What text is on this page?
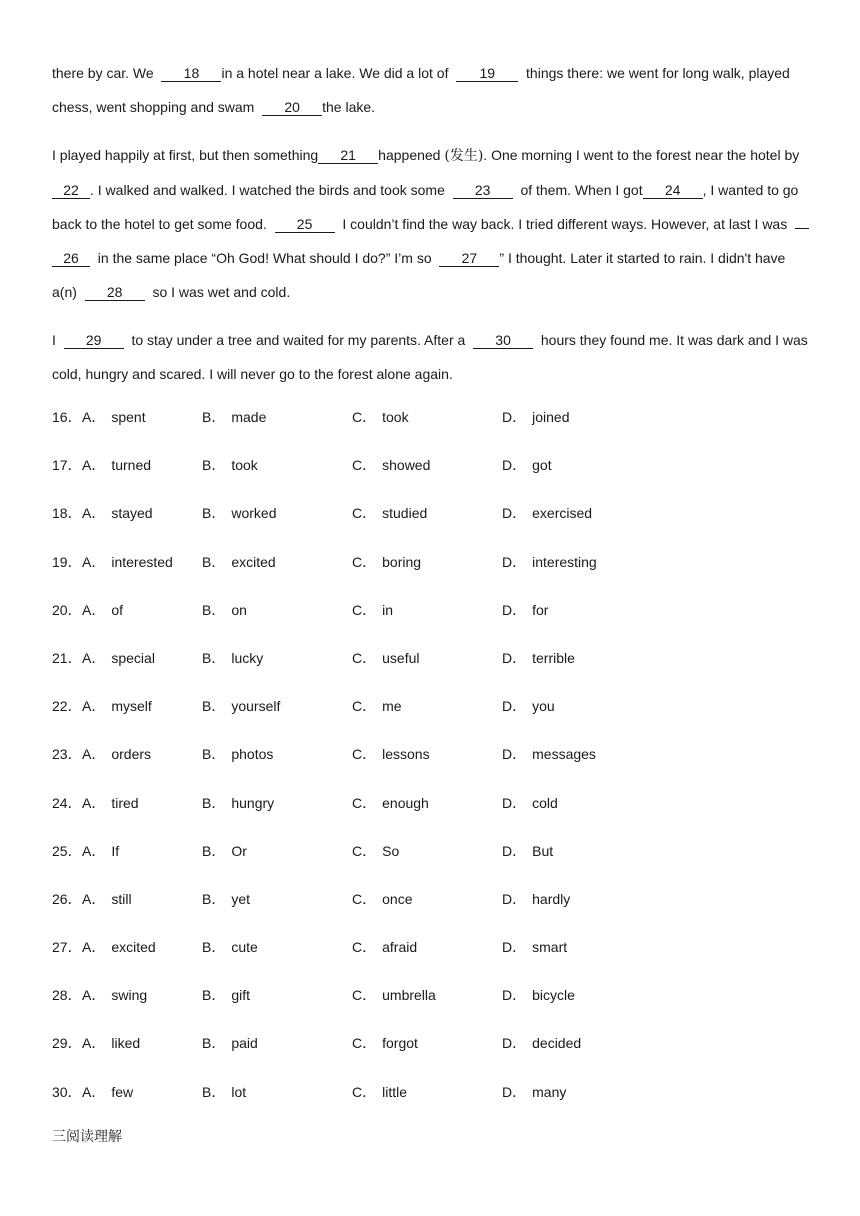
there by car. We 18 in a hotel near a lake. We did a lot of 19 things there: we went for long walk, played

chess, went shopping and swam 20 the lake.

I played happily at first, but then something 21 happened (发生). One morning I went to the forest near the hotel by

22 . I walked and walked. I watched the birds and took some 23 of them. When I got 24 , I wanted to go

back to the hotel to get some food. 25 I couldn’t find the way back. I tried different ways. However, at last I was

26 in the same place “Oh God! What should I do?” I’m so 27 ” I thought. Later it started to rain. I didn't have

a(n) 28 so I was wet and cold.

I 29 to stay under a tree and waited for my parents. After a 30 hours they found me. It was dark and I was

cold, hungry and scared. I will never go to the forest alone again.

16． A． spent	B． made	C． took	D． joined
17． A． turned	B． took	C． showed	D． got
18． A． stayed	B． worked	C． studied	D． exercised
19． A． interested B． excited	C． boring	D． interesting
20． A． of	B． on	C． in	D． for
21． A． special	B． lucky	C． useful	D． terrible
22． A． myself	B． yourself	C． me	D． you
23． A． orders	B． photos	C． lessons	D． messages
24． A． tired	B． hungry	C． enough	D． cold
25． A． If	B． Or	C． So	D． But
26． A． still	B． yet	C． once	D． hardly
27． A． excited	B． cute	C． afraid	D． smart
28． A． swing	B． gift	C． umbrella	D． bicycle
29． A． liked	B． paid	C． forgot	D． decided
30． A． few	B． lot	C． little	D． many
三阅读理解
